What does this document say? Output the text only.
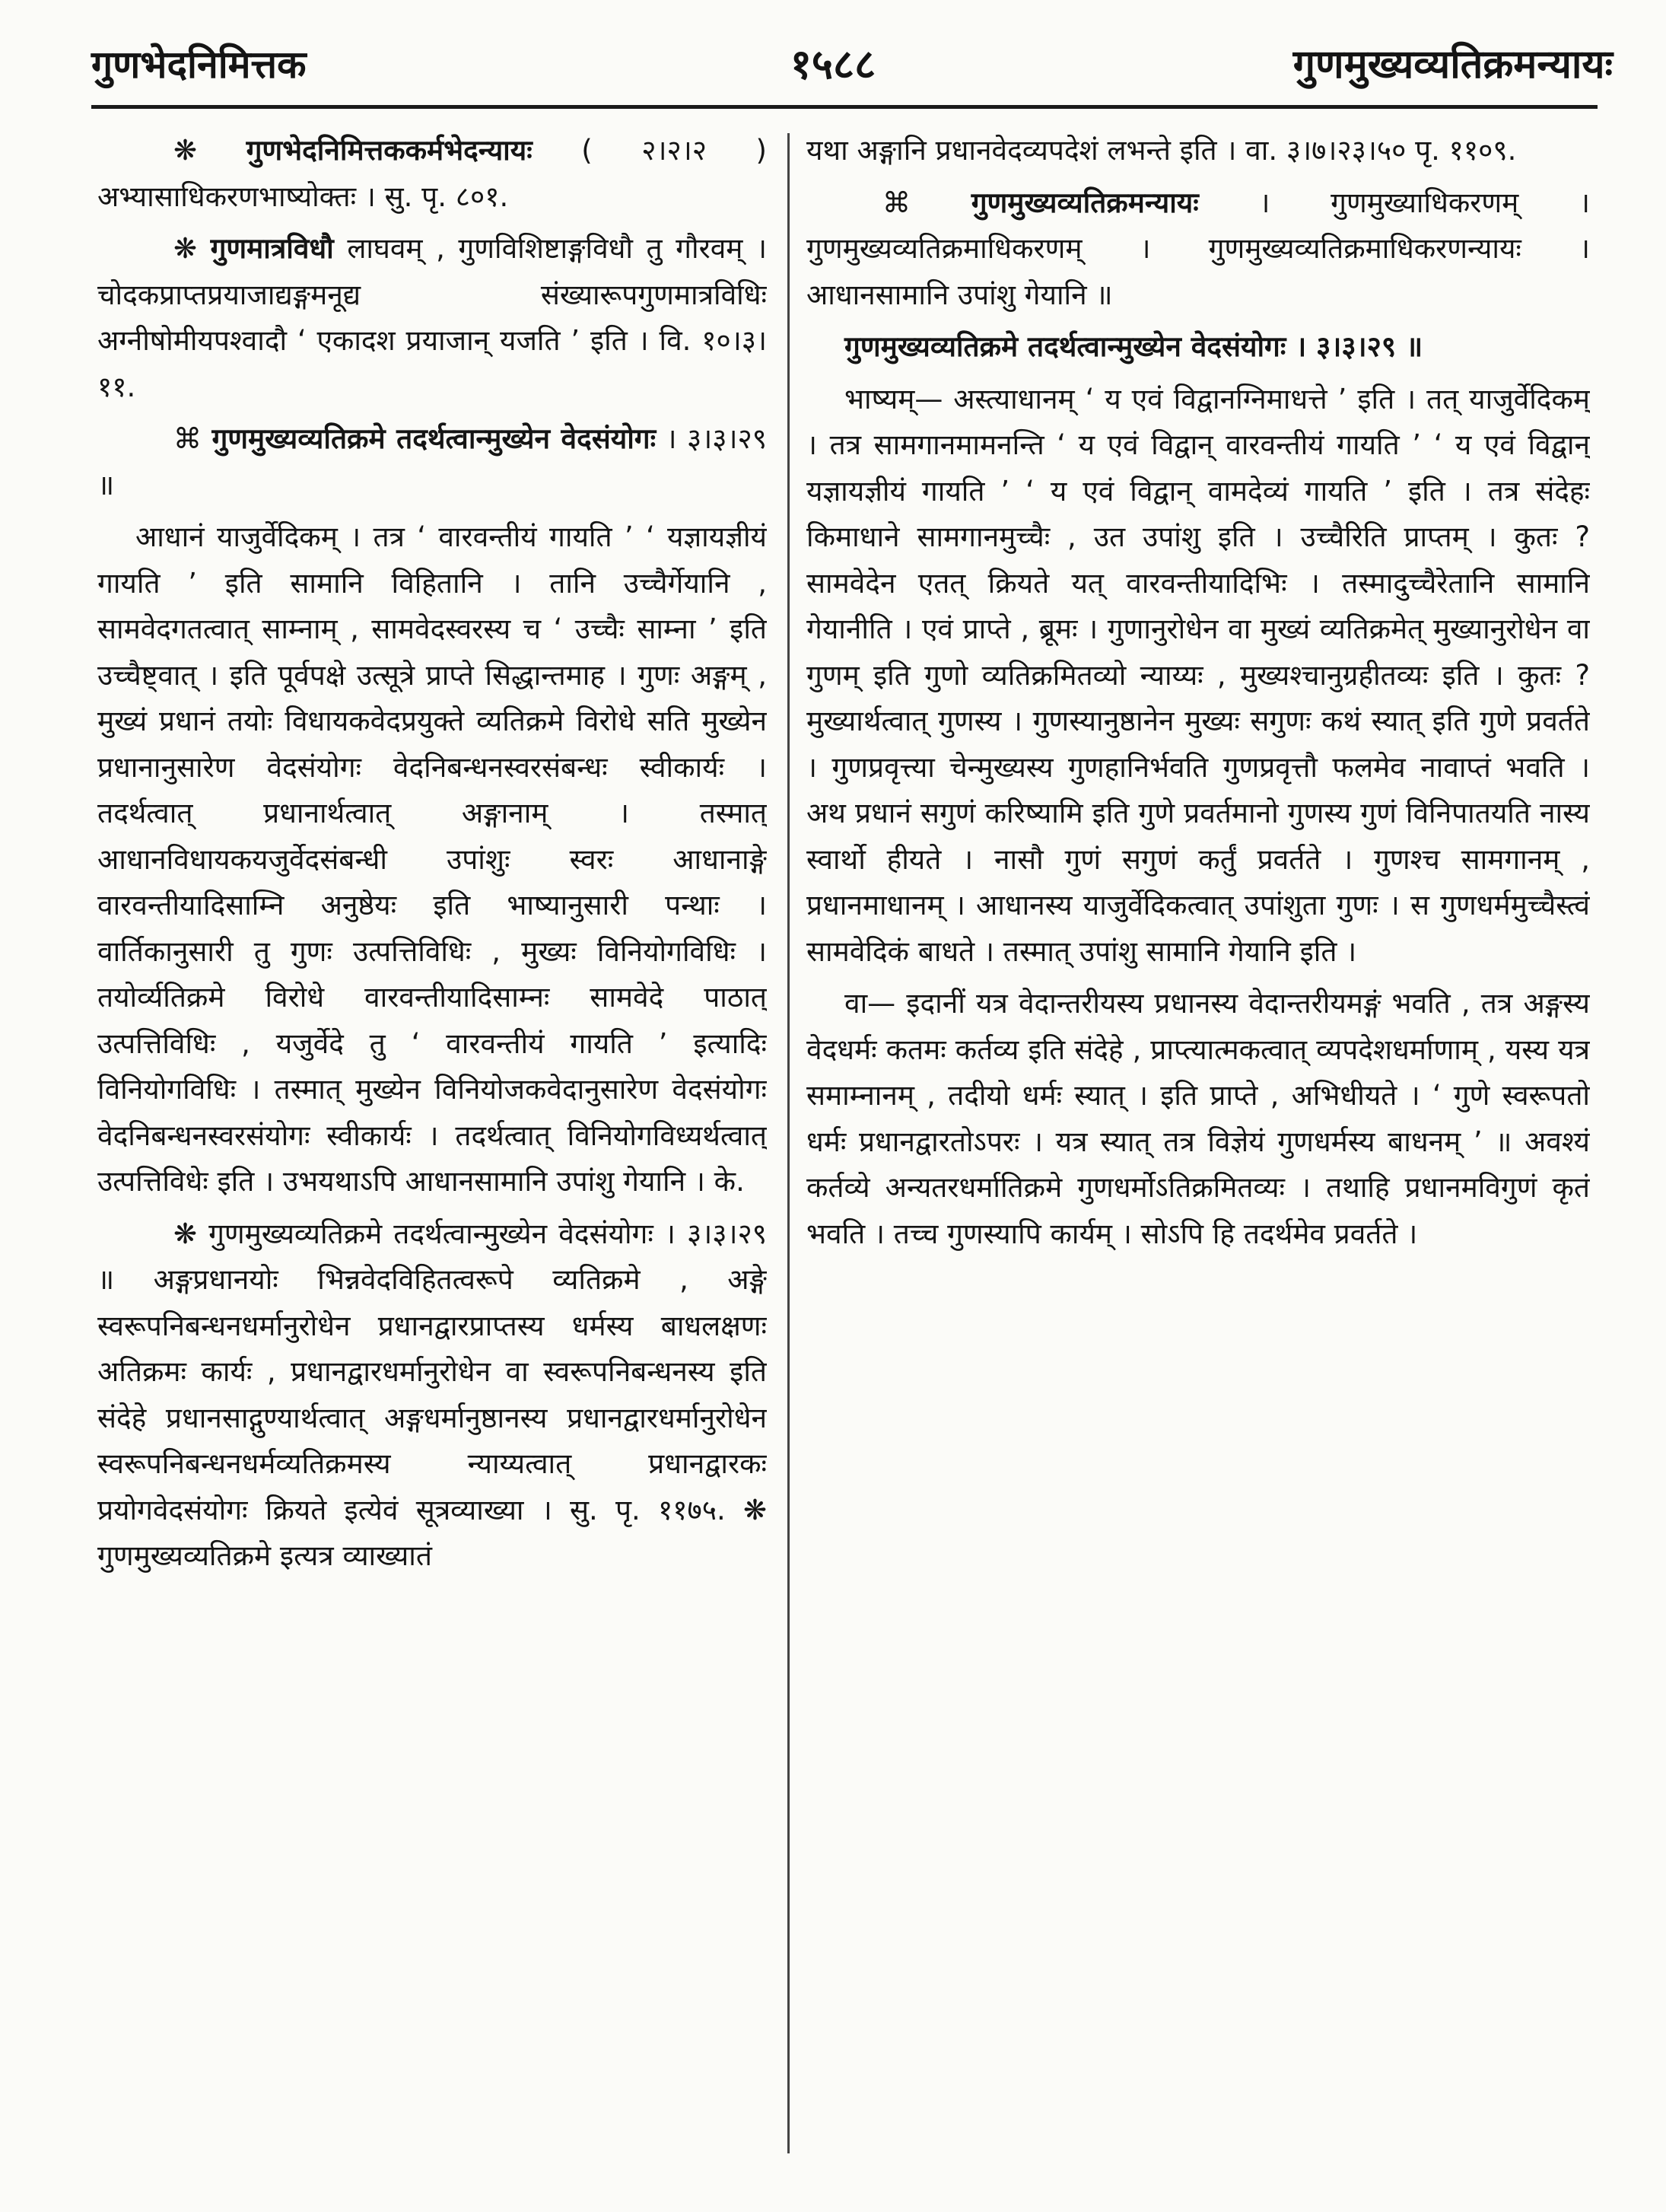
गुणभेदनिमित्तक	१५८८	गुणमुख्यव्यतिक्रमन्यायः

❋ गुणभेदनिमित्तककर्मभेदन्यायः ( २।२।२ ) अभ्यासाधिकरणभाष्योक्तः । सु. पृ. ८०१.

❋ गुणमात्रविधौ लाघवम् , गुणविशिष्टाङ्गविधौ तु गौरवम् । चोदकप्राप्तप्रयाजाद्यङ्गमनूद्य संख्यारूपगुणमात्रविधिः अग्नीषोमीयपश्वादौ ‘ एकादश प्रयाजान् यजति ’ इति । वि. १०।३।११.

⌘ गुणमुख्यव्यतिक्रमे तदर्थत्वान्मुख्येन वेदसंयोगः । ३।३।२९ ॥

आधानं याजुर्वेदिकम् । तत्र ‘ वारवन्तीयं गायति ’ ‘ यज्ञायज्ञीयं गायति ’ इति सामानि विहितानि । तानि उच्चैर्गेयानि , सामवेदगतत्वात् साम्नाम् , सामवेदस्वरस्य च ‘ उच्चैः साम्ना ’ इति उच्चैष्ट्वात् । इति पूर्वपक्षे उत्सूत्रे प्राप्ते सिद्धान्तमाह । गुणः अङ्गम् , मुख्यं प्रधानं तयोः विधायकवेदप्रयुक्ते व्यतिक्रमे विरोधे सति मुख्येन प्रधानानुसारेण वेदसंयोगः वेदनिबन्धनस्वरसंबन्धः स्वीकार्यः । तदर्थत्वात् प्रधानार्थत्वात् अङ्गानाम् । तस्मात् आधानविधायकयजुर्वेदसंबन्धी उपांशुः स्वरः आधानाङ्गे वारवन्तीयादिसाम्नि अनुष्ठेयः इति भाष्यानुसारी पन्थाः । वार्तिकानुसारी तु गुणः उत्पत्तिविधिः , मुख्यः विनियोगविधिः । तयोर्व्यतिक्रमे विरोधे वारवन्तीयादिसाम्नः सामवेदे पाठात् उत्पत्तिविधिः , यजुर्वेदे तु ‘ वारवन्तीयं गायति ’ इत्यादिः विनियोगविधिः । तस्मात् मुख्येन विनियोजकवेदानुसारेण वेदसंयोगः वेदनिबन्धनस्वरसंयोगः स्वीकार्यः । तदर्थत्वात् विनियोगविध्यर्थत्वात् उत्पत्तिविधेः इति । उभयथाऽपि आधानसामानि उपांशु गेयानि । के.

❋ गुणमुख्यव्यतिक्रमे तदर्थत्वान्मुख्येन वेदसंयोगः । ३।३।२९ ॥ अङ्गप्रधानयोः भिन्नवेदविहितत्वरूपे व्यतिक्रमे , अङ्गे स्वरूपनिबन्धनधर्मानुरोधेन प्रधानद्वारप्राप्तस्य धर्मस्य बाधलक्षणः अतिक्रमः कार्यः , प्रधानद्वारधर्मानुरोधेन वा स्वरूपनिबन्धनस्य इति संदेहे प्रधानसाद्गुण्यार्थत्वात् अङ्गधर्मानुष्ठानस्य प्रधानद्वारधर्मानुरोधेन स्वरूपनिबन्धनधर्मव्यतिक्रमस्य न्याय्यत्वात् प्रधानद्वारकः प्रयोगवेदसंयोगः क्रियते इत्येवं सूत्रव्याख्या । सु. पृ. ११७५. ❋ गुणमुख्यव्यतिक्रमे इत्यत्र व्याख्यातं

यथा अङ्गानि प्रधानवेदव्यपदेशं लभन्ते इति । वा. ३।७।२३।५० पृ. ११०९.

⌘ गुणमुख्यव्यतिक्रमन्यायः । गुणमुख्याधिकरणम् । गुणमुख्यव्यतिक्रमाधिकरणम् । गुणमुख्यव्यतिक्रमाधिकरणन्यायः । आधानसामानि उपांशु गेयानि ॥

गुणमुख्यव्यतिक्रमे तदर्थत्वान्मुख्येन वेदसंयोगः । ३।३।२९ ॥

भाष्यम्— अस्त्याधानम् ‘ य एवं विद्वानग्निमाधत्ते ’ इति । तत् याजुर्वेदिकम् । तत्र सामगानमामनन्ति ‘ य एवं विद्वान् वारवन्तीयं गायति ’ ‘ य एवं विद्वान् यज्ञायज्ञीयं गायति ’ ‘ य एवं विद्वान् वामदेव्यं गायति ’ इति । तत्र संदेहः किमाधाने सामगानमुच्चैः , उत उपांशु इति । उच्चैरिति प्राप्तम् । कुतः ? सामवेदेन एतत् क्रियते यत् वारवन्तीयादिभिः । तस्मादुच्चैरेतानि सामानि गेयानीति । एवं प्राप्ते , ब्रूमः । गुणानुरोधेन वा मुख्यं व्यतिक्रमेत् मुख्यानुरोधेन वा गुणम् इति गुणो व्यतिक्रमितव्यो न्याय्यः , मुख्यश्चानुग्रहीतव्यः इति । कुतः ? मुख्यार्थत्वात् गुणस्य । गुणस्यानुष्ठानेन मुख्यः सगुणः कथं स्यात् इति गुणे प्रवर्तते । गुणप्रवृत्त्या चेन्मुख्यस्य गुणहानिर्भवति गुणप्रवृत्तौ फलमेव नावाप्तं भवति । अथ प्रधानं सगुणं करिष्यामि इति गुणे प्रवर्तमानो गुणस्य गुणं विनिपातयति नास्य स्वार्थो हीयते । नासौ गुणं सगुणं कर्तुं प्रवर्तते । गुणश्च सामगानम् , प्रधानमाधानम् । आधानस्य याजुर्वेदिकत्वात् उपांशुता गुणः । स गुणधर्ममुच्चैस्त्वं सामवेदिकं बाधते । तस्मात् उपांशु सामानि गेयानि इति ।

वा— इदानीं यत्र वेदान्तरीयस्य प्रधानस्य वेदान्तरीयमङ्गं भवति , तत्र अङ्गस्य वेदधर्मः कतमः कर्तव्य इति संदेहे , प्राप्त्यात्मकत्वात् व्यपदेशधर्माणाम् , यस्य यत्र समाम्नानम् , तदीयो धर्मः स्यात् । इति प्राप्ते , अभिधीयते । ‘ गुणे स्वरूपतो धर्मः प्रधानद्वारतोऽपरः । यत्र स्यात् तत्र विज्ञेयं गुणधर्मस्य बाधनम् ’ ॥ अवश्यं कर्तव्ये अन्यतरधर्मातिक्रमे गुणधर्मोऽतिक्रमितव्यः । तथाहि प्रधानमविगुणं कृतं भवति । तच्च गुणस्यापि कार्यम् । सोऽपि हि तदर्थमेव प्रवर्तते ।
